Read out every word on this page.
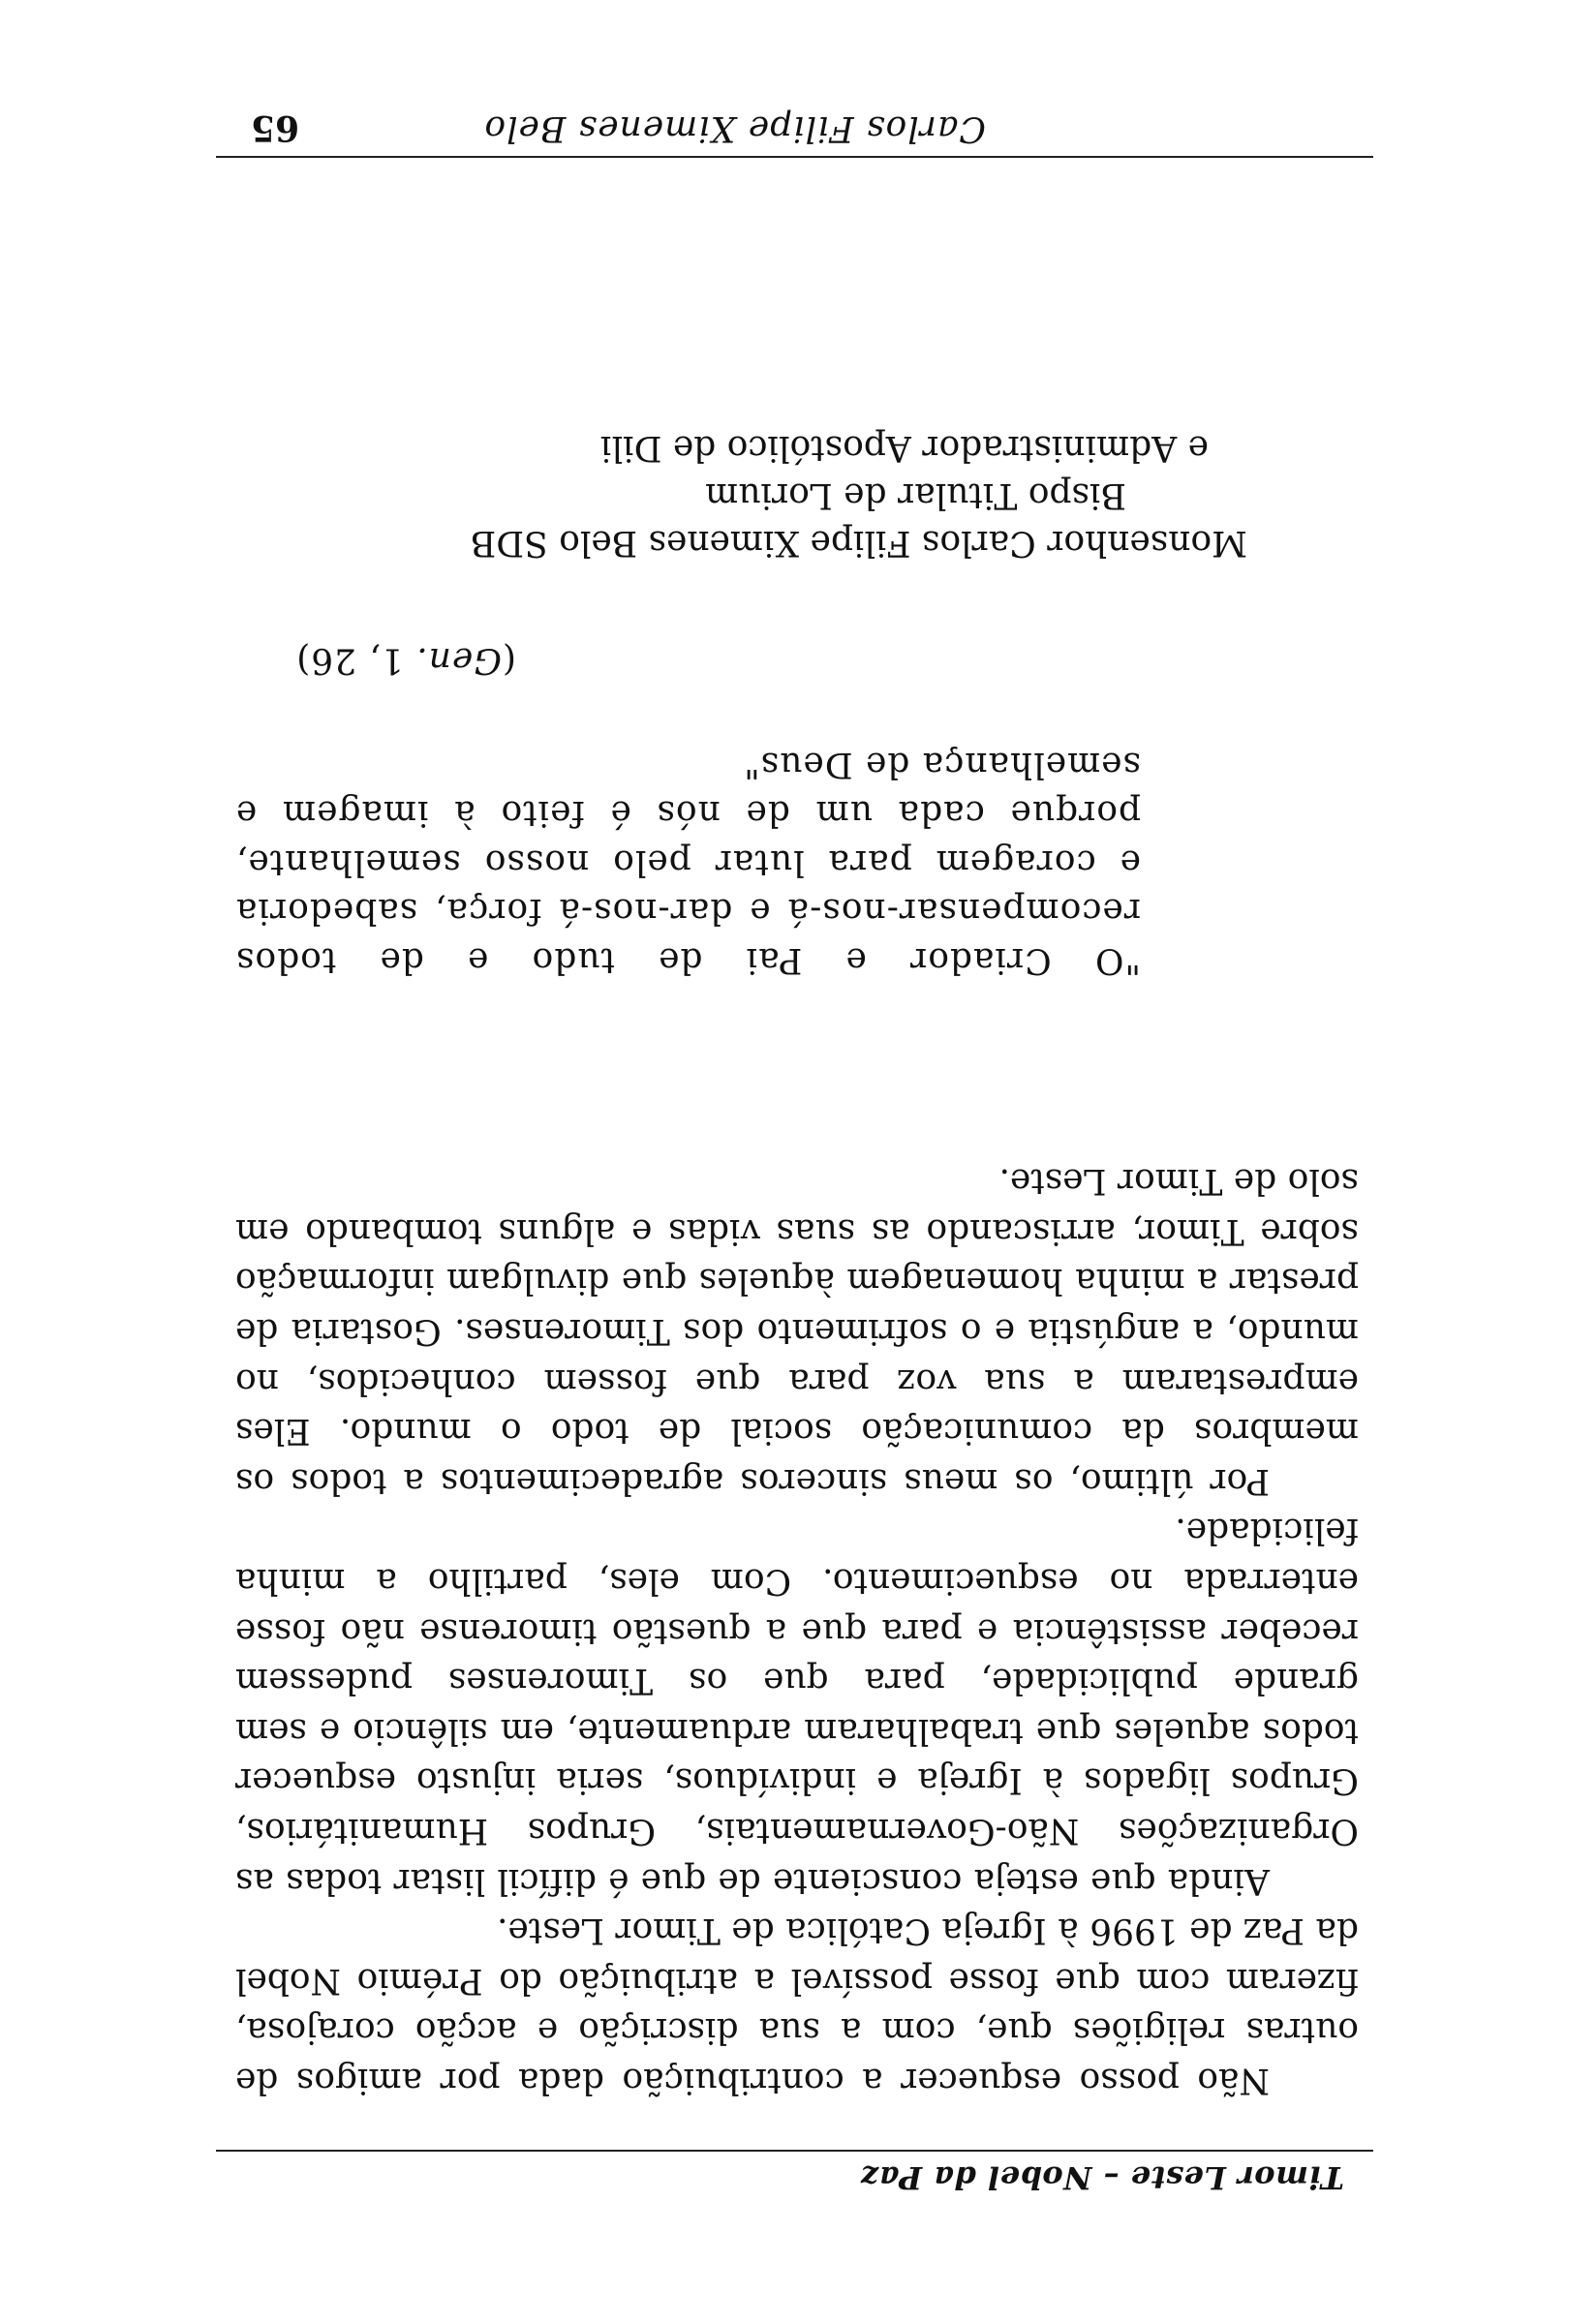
Timor Leste – Nobel da Paz

Não posso esquecer a contribuição dada por amigos de outras religiões que, com a sua discrição e acção corajosa, fizeram com que fosse possível a atribuição do Prémio Nobel da Paz de 1996 à Igreja Católica de Timor Leste.

Ainda que esteja consciente de que é difícil listar todas as Organizações Não-Governamentais, Grupos Humanitários, Grupos ligados à Igreja e indivíduos, seria injusto esquecer todos aqueles que trabalharam arduamente, em silêncio e sem grande publicidade, para que os Timorenses pudessem receber assistência e para que a questão timorense não fosse enterrada no esquecimento. Com eles, partilho a minha felicidade.

Por último, os meus sinceros agradecimentos a todos os membros da comunicação social de todo o mundo. Eles emprestaram a sua voz para que fossem conhecidos, no mundo, a angústia e o sofrimento dos Timorenses. Gostaria de prestar a minha homenagem àqueles que divulgam informação sobre Timor, arriscando as suas vidas e alguns tombando em solo de Timor Leste.

"O Criador e Pai de tudo e de todos recompensar-nos-á e dar-nos-á força, sabedoria e coragem para lutar pelo nosso semelhante, porque cada um de nós é feito à imagem e semelhança de Deus"
(Gen. 1, 26)
Monsenhor Carlos Filipe Ximenes Belo SDB
Bispo Titular de Lorium
e Administrador Apostólico de Dili
Carlos Filipe Ximenes Belo
65
